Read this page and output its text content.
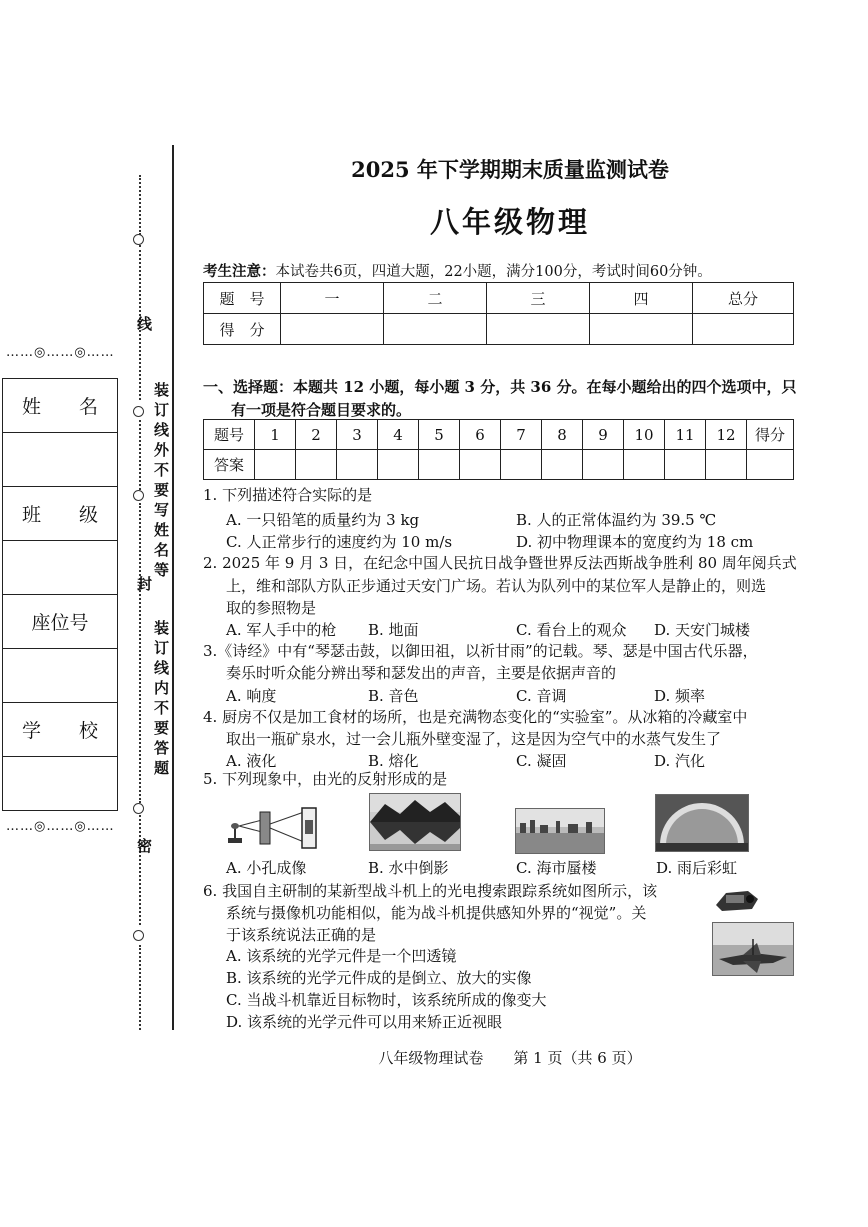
线
封
密
装订线外不要写姓名等
装订线内不要答题
……◎……◎……
……◎……◎……
姓　　名

班　　级

座位号

学　　校

2025 年下学期期末质量监测试卷
八年级物理
考生注意：本试卷共6页，四道大题，22小题，满分100分，考试时间60分钟。
题　号	一	二	三	四	总分
得　分					
一、选择题：本题共 12 小题，每小题 3 分，共 36 分。在每小题给出的四个选项中，只
有一项是符合题目要求的。
题号	1	2	3	4	5	6	7	8	9	10	11	12	得分
答案													
1. 下列描述符合实际的是
A. 一只铅笔的质量约为 3 kg	B. 人的正常体温约为 39.5 ℃
C. 人正常步行的速度约为 10 m/s	D. 初中物理课本的宽度约为 18 cm
2. 2025 年 9 月 3 日，在纪念中国人民抗日战争暨世界反法西斯战争胜利 80 周年阅兵式
上，维和部队方队正步通过天安门广场。若认为队列中的某位军人是静止的，则选
取的参照物是
A. 军人手中的枪 B. 地面	C. 看台上的观众 D. 天安门城楼
3.《诗经》中有“琴瑟击鼓，以御田祖，以祈甘雨”的记载。琴、瑟是中国古代乐器，
奏乐时听众能分辨出琴和瑟发出的声音，主要是依据声音的
A. 响度	B. 音色	C. 音调	D. 频率
4. 厨房不仅是加工食材的场所，也是充满物态变化的“实验室”。从冰箱的冷藏室中
取出一瓶矿泉水，过一会儿瓶外壁变湿了，这是因为空气中的水蒸气发生了
A. 液化	B. 熔化	C. 凝固	D. 汽化
5. 下列现象中，由光的反射形成的是
A. 小孔成像	B. 水中倒影	C. 海市蜃楼	D. 雨后彩虹
6. 我国自主研制的某新型战斗机上的光电搜索跟踪系统如图所示，该
系统与摄像机功能相似，能为战斗机提供感知外界的“视觉”。关
于该系统说法正确的是
A. 该系统的光学元件是一个凹透镜
B. 该系统的光学元件成的是倒立、放大的实像
C. 当战斗机靠近目标物时，该系统所成的像变大
D. 该系统的光学元件可以用来矫正近视眼
八年级物理试卷　　第 1 页（共 6 页）
